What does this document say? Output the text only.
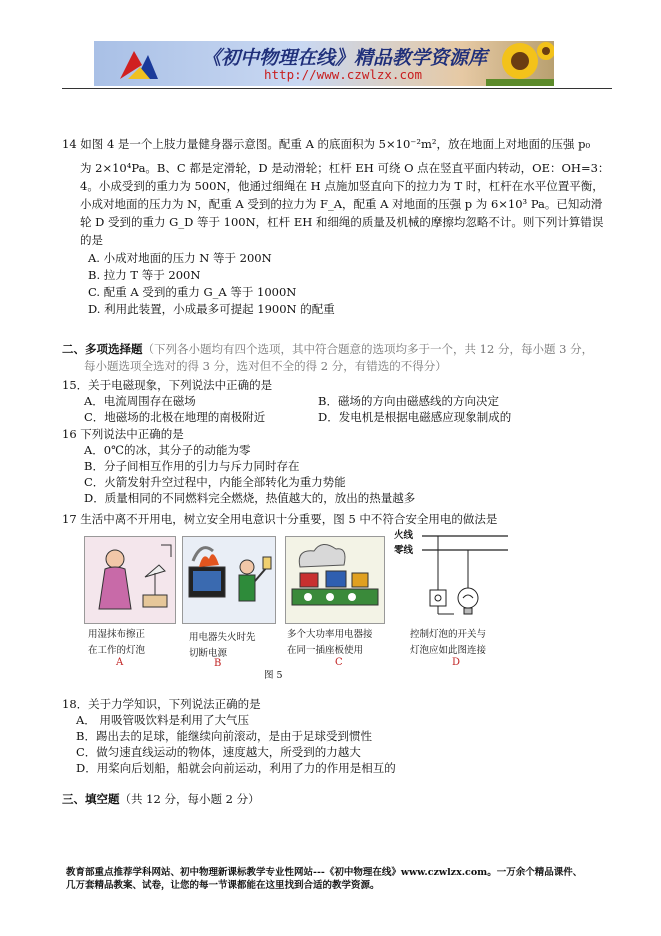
《初中物理在线》精品教学资源库
http://www.czwlzx.com
14 如图 4 是一个上肢力量健身器示意图。配重 A 的底面积为 5×10⁻²m²，放在地面上对地面的压强 p₀
为 2×10⁴Pa。B、C 都是定滑轮，D 是动滑轮；杠杆 EH 可绕 O 点在竖直平面内转动，OE：OH=3：
4。小成受到的重力为 500N，他通过细绳在 H 点施加竖直向下的拉力为 T 时，杠杆在水平位置平衡，
小成对地面的压力为 N，配重 A 受到的拉力为 F_A，配重 A 对地面的压强 p 为 6×10³ Pa。已知动滑
轮 D 受到的重力 G_D 等于 100N，杠杆 EH 和细绳的质量及机械的摩擦均忽略不计。则下列计算错误
的是
A. 小成对地面的压力 N 等于 200N
B. 拉力 T 等于 200N
C. 配重 A 受到的重力 G_A 等于 1000N
D. 利用此装置，小成最多可提起 1900N 的配重
二、多项选择题（下列各小题均有四个选项，其中符合题意的选项均多于一个，共 12 分，每小题 3 分，
每小题选项全选对的得 3 分，选对但不全的得 2 分，有错选的不得分）
15．关于电磁现象，下列说法中正确的是
A．电流周围存在磁场	B．磁场的方向由磁感线的方向决定
C．地磁场的北极在地理的南极附近	D．发电机是根据电磁感应现象制成的
16 下列说法中正确的是
A．0℃的冰，其分子的动能为零
B．分子间相互作用的引力与斥力同时存在
C．火箭发射升空过程中，内能全部转化为重力势能
D．质量相同的不同燃料完全燃烧，热值越大的，放出的热量越多
17 生活中离不开用电，树立安全用电意识十分重要，图 5 中不符合安全用电的做法是
用湿抹布擦正
在工作的灯泡
A
用电器失火时先
切断电源
B
多个大功率用电器接
在同一插座板使用
C
火线
零线
控制灯泡的开关与
灯泡应如此图连接
D
图 5
18．关于力学知识，下列说法正确的是
A． 用吸管吸饮料是利用了大气压
B．踢出去的足球，能继续向前滚动，是由于足球受到惯性
C．做匀速直线运动的物体，速度越大，所受到的力越大
D．用桨向后划船，船就会向前运动，利用了力的作用是相互的
三、填空题（共 12 分，每小题 2 分）
教育部重点推荐学科网站、初中物理新课标教学专业性网站---《初中物理在线》www.czwlzx.com。一万余个精品课件、
几万套精品教案、试卷，让您的每一节课都能在这里找到合适的教学资源。
